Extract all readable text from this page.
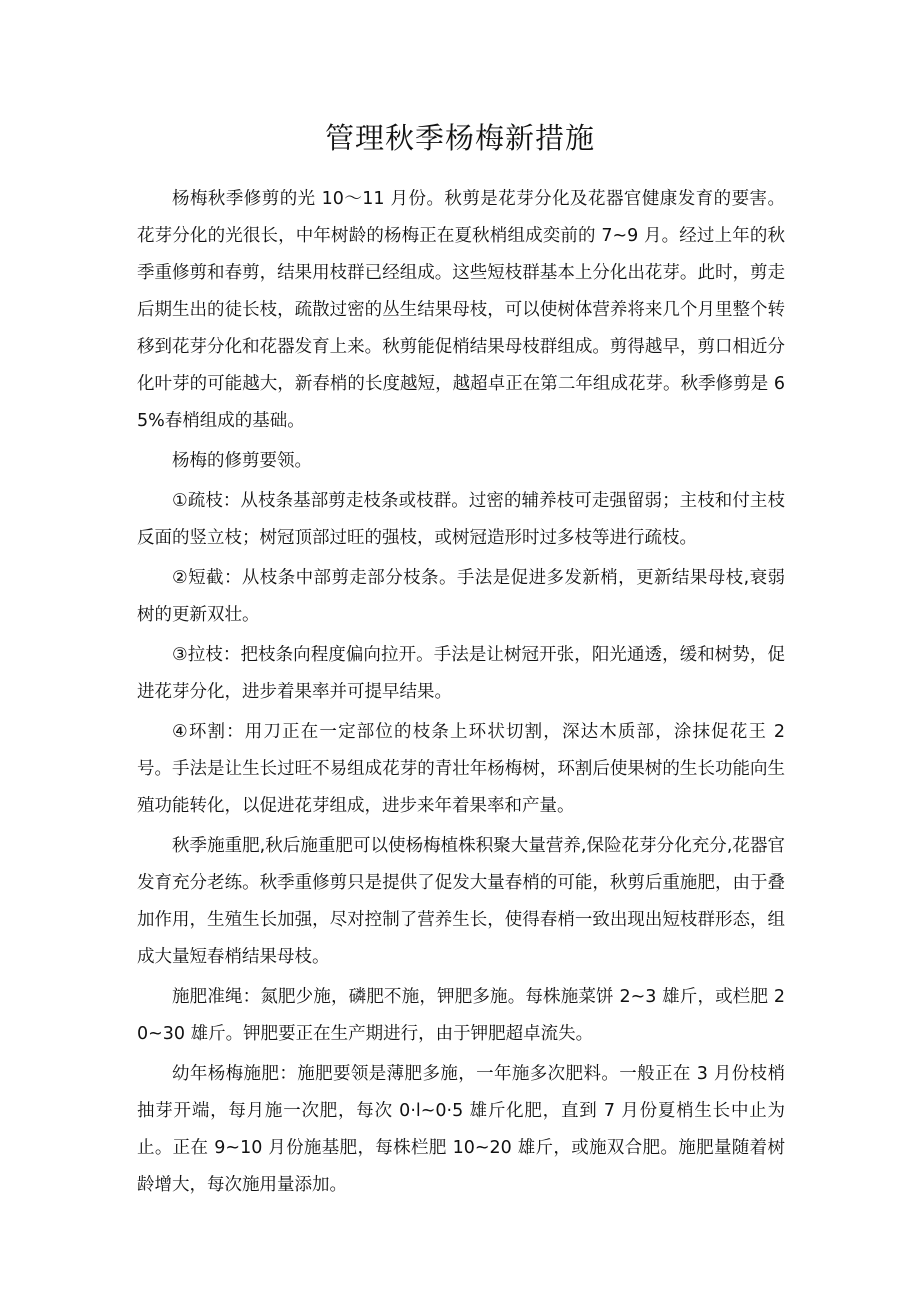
管理秋季杨梅新措施

杨梅秋季修剪的光 10～11 月份。秋剪是花芽分化及花器官健康发育的要害。花芽分化的光很长，中年树龄的杨梅正在夏秋梢组成奕前的 7~9 月。经过上年的秋季重修剪和春剪，结果用枝群已经组成。这些短枝群基本上分化出花芽。此时，剪走后期生出的徒长枝，疏散过密的丛生结果母枝，可以使树体营养将来几个月里整个转移到花芽分化和花器发育上来。秋剪能促梢结果母枝群组成。剪得越早，剪口相近分化叶芽的可能越大，新春梢的长度越短，越超卓正在第二年组成花芽。秋季修剪是 65%春梢组成的基础。

杨梅的修剪要领。

①疏枝：从枝条基部剪走枝条或枝群。过密的辅养枝可走强留弱；主枝和付主枝反面的竖立枝；树冠顶部过旺的强枝，或树冠造形时过多枝等进行疏枝。

②短截：从枝条中部剪走部分枝条。手法是促进多发新梢，更新结果母枝,衰弱树的更新双壮。

③拉枝：把枝条向程度偏向拉开。手法是让树冠开张，阳光通透，缓和树势，促进花芽分化，进步着果率并可提早结果。

④环割：用刀正在一定部位的枝条上环状切割，深达木质部，涂抹促花王 2 号。手法是让生长过旺不易组成花芽的青壮年杨梅树，环割后使果树的生长功能向生殖功能转化，以促进花芽组成，进步来年着果率和产量。

秋季施重肥,秋后施重肥可以使杨梅植株积聚大量营养,保险花芽分化充分,花器官发育充分老练。秋季重修剪只是提供了促发大量春梢的可能，秋剪后重施肥，由于叠加作用，生殖生长加强，尽对控制了营养生长，使得春梢一致出现出短枝群形态，组成大量短春梢结果母枝。

施肥准绳：氮肥少施，磷肥不施，钾肥多施。每株施菜饼 2~3 雄斤，或栏肥 20~30 雄斤。钾肥要正在生产期进行，由于钾肥超卓流失。

幼年杨梅施肥：施肥要领是薄肥多施，一年施多次肥料。一般正在 3 月份枝梢抽芽开端，每月施一次肥，每次 0·l~0·5 雄斤化肥，直到 7 月份夏梢生长中止为止。正在 9~10 月份施基肥，每株栏肥 10~20 雄斤，或施双合肥。施肥量随着树龄增大，每次施用量添加。
